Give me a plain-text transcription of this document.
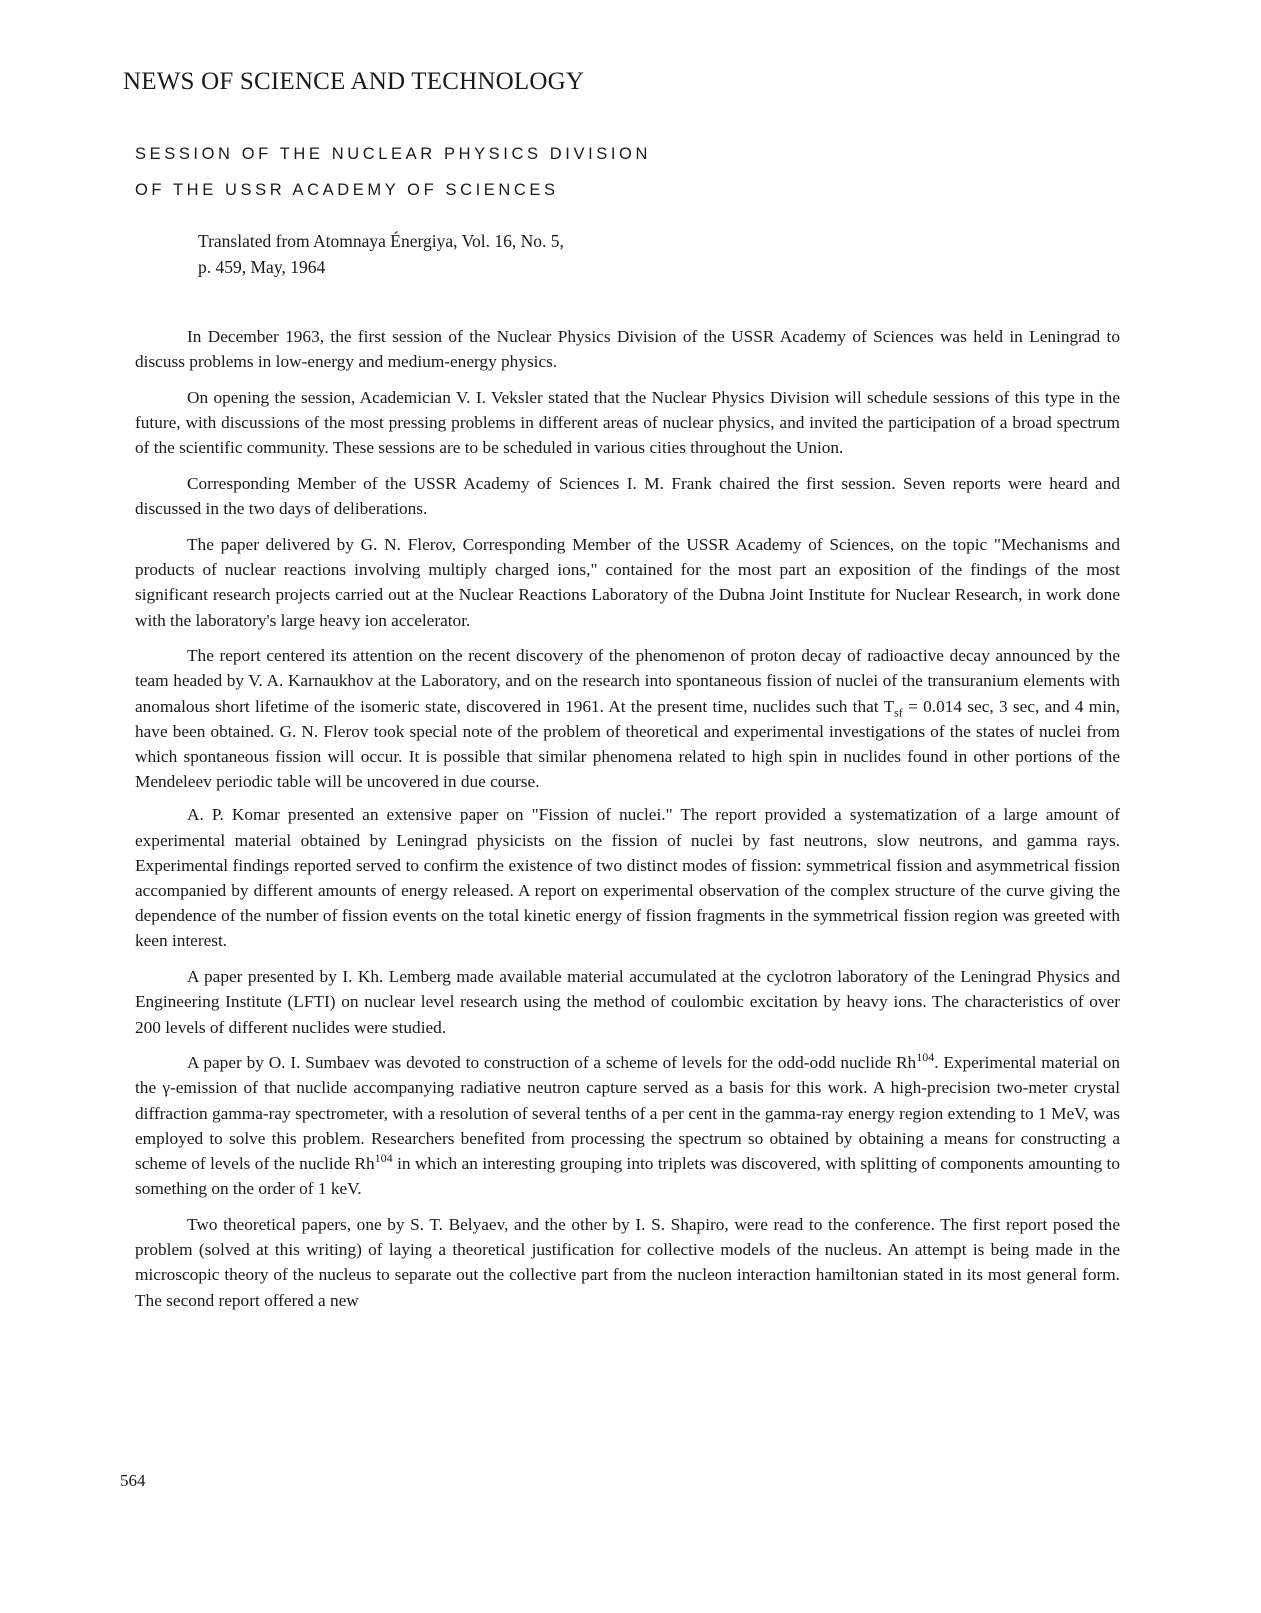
NEWS OF SCIENCE AND TECHNOLOGY
SESSION OF THE NUCLEAR PHYSICS DIVISION
OF THE USSR ACADEMY OF SCIENCES
Translated from Atomnaya Énergiya, Vol. 16, No. 5,
p. 459, May, 1964

In December 1963, the first session of the Nuclear Physics Division of the USSR Academy of Sciences was held in Leningrad to discuss problems in low-energy and medium-energy physics.

On opening the session, Academician V. I. Veksler stated that the Nuclear Physics Division will schedule sessions of this type in the future, with discussions of the most pressing problems in different areas of nuclear physics, and invited the participation of a broad spectrum of the scientific community. These sessions are to be scheduled in various cities throughout the Union.

Corresponding Member of the USSR Academy of Sciences I. M. Frank chaired the first session. Seven reports were heard and discussed in the two days of deliberations.

The paper delivered by G. N. Flerov, Corresponding Member of the USSR Academy of Sciences, on the topic "Mechanisms and products of nuclear reactions involving multiply charged ions," contained for the most part an exposition of the findings of the most significant research projects carried out at the Nuclear Reactions Laboratory of the Dubna Joint Institute for Nuclear Research, in work done with the laboratory's large heavy ion accelerator.

The report centered its attention on the recent discovery of the phenomenon of proton decay of radioactive decay announced by the team headed by V. A. Karnaukhov at the Laboratory, and on the research into spontaneous fission of nuclei of the transuranium elements with anomalous short lifetime of the isomeric state, discovered in 1961. At the present time, nuclides such that $T_{sf} = 0.014$ sec, 3 sec, and 4 min, have been obtained. G. N. Flerov took special note of the problem of theoretical and experimental investigations of the states of nuclei from which spontaneous fission will occur. It is possible that similar phenomena related to high spin in nuclides found in other portions of the Mendeleev periodic table will be uncovered in due course.

A. P. Komar presented an extensive paper on "Fission of nuclei." The report provided a systematization of a large amount of experimental material obtained by Leningrad physicists on the fission of nuclei by fast neutrons, slow neutrons, and gamma rays. Experimental findings reported served to confirm the existence of two distinct modes of fission: symmetrical fission and asymmetrical fission accompanied by different amounts of energy released. A report on experimental observation of the complex structure of the curve giving the dependence of the number of fission events on the total kinetic energy of fission fragments in the symmetrical fission region was greeted with keen interest.

A paper presented by I. Kh. Lemberg made available material accumulated at the cyclotron laboratory of the Leningrad Physics and Engineering Institute (LFTI) on nuclear level research using the method of coulombic excitation by heavy ions. The characteristics of over 200 levels of different nuclides were studied.

A paper by O. I. Sumbaev was devoted to construction of a scheme of levels for the odd-odd nuclide Rh$^{104}$. Experimental material on the γ-emission of that nuclide accompanying radiative neutron capture served as a basis for this work. A high-precision two-meter crystal diffraction gamma-ray spectrometer, with a resolution of several tenths of a per cent in the gamma-ray energy region extending to 1 MeV, was employed to solve this problem. Researchers benefited from processing the spectrum so obtained by obtaining a means for constructing a scheme of levels of the nuclide Rh$^{104}$ in which an interesting grouping into triplets was discovered, with splitting of components amounting to something on the order of 1 keV.

Two theoretical papers, one by S. T. Belyaev, and the other by I. S. Shapiro, were read to the conference. The first report posed the problem (solved at this writing) of laying a theoretical justification for collective models of the nucleus. An attempt is being made in the microscopic theory of the nucleus to separate out the collective part from the nucleon interaction hamiltonian stated in its most general form. The second report offered a new

564
